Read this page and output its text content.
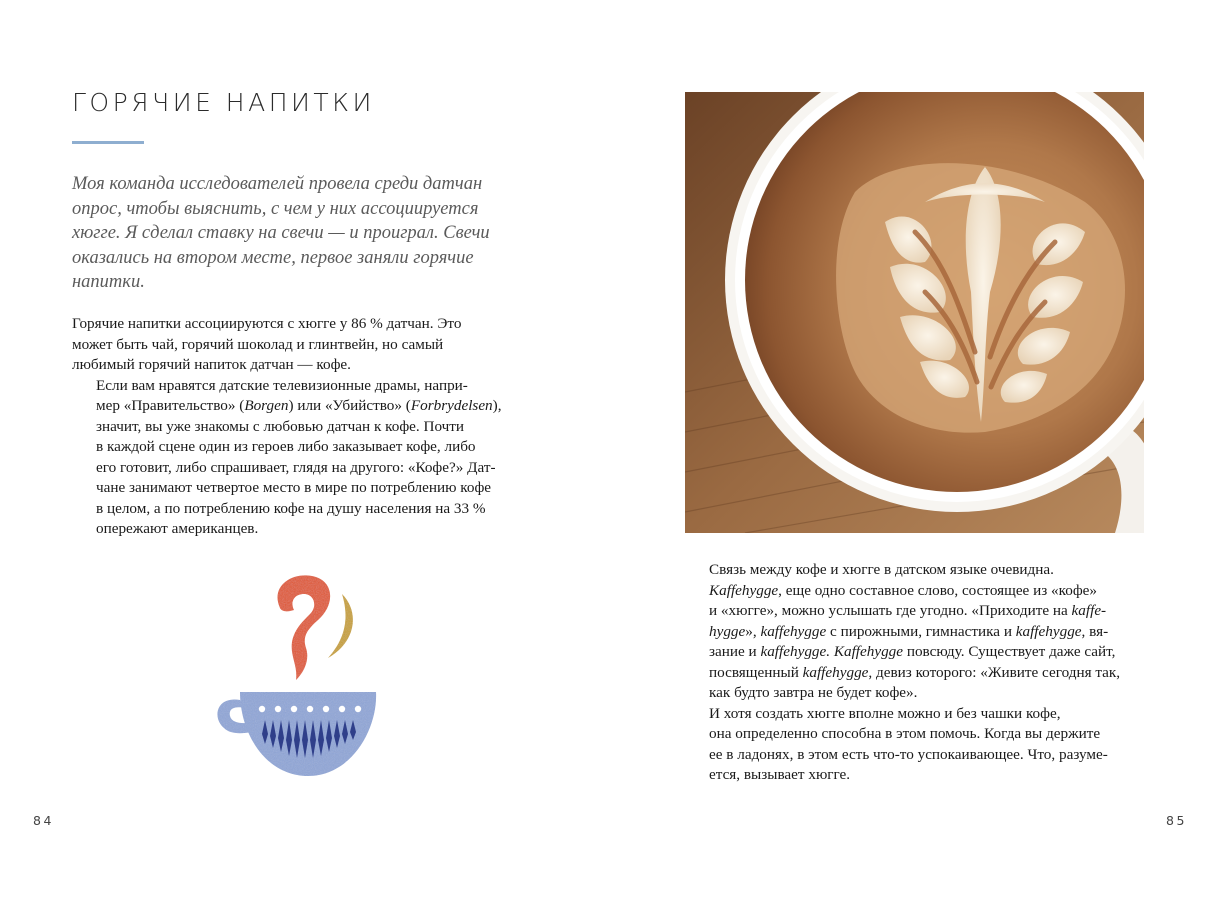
ГОРЯЧИЕ НАПИТКИ

Моя команда исследователей провела среди датчан
опрос, чтобы выяснить, с чем у них ассоциируется
хюгге. Я сделал ставку на свечи — и проиграл. Свечи
оказались на втором месте, первое заняли горячие
напитки.

Горячие напитки ассоциируются с хюгге у 86 % датчан. Это
может быть чай, горячий шоколад и глинтвейн, но самый
любимый горячий напиток датчан — кофе.

Если вам нравятся датские телевизионные драмы, напри-
мер «Правительство» (Borgen) или «Убийство» (Forbrydelsen),
значит, вы уже знакомы с любовью датчан к кофе. Почти
в каждой сцене один из героев либо заказывает кофе, либо
его готовит, либо спрашивает, глядя на другого: «Кофе?» Дат-
чане занимают четвертое место в мире по потреблению кофе
в целом, а по потреблению кофе на душу населения на 33 %
опережают американцев.

84

Связь между кофе и хюгге в датском языке очевидна.
Kaffehygge, еще одно составное слово, состоящее из «кофе»
и «хюгге», можно услышать где угодно. «Приходите на kaffe-
hygge», kaffehygge с пирожными, гимнастика и kaffehygge, вя-
зание и kaffehygge. Kaffehygge повсюду. Существует даже сайт,
посвященный kaffehygge, девиз которого: «Живите сегодня так,
как будто завтра не будет кофе».

И хотя создать хюгге вполне можно и без чашки кофе,
она определенно способна в этом помочь. Когда вы держите
ее в ладонях, в этом есть что-то успокаивающее. Что, разуме-
ется, вызывает хюгге.

85
